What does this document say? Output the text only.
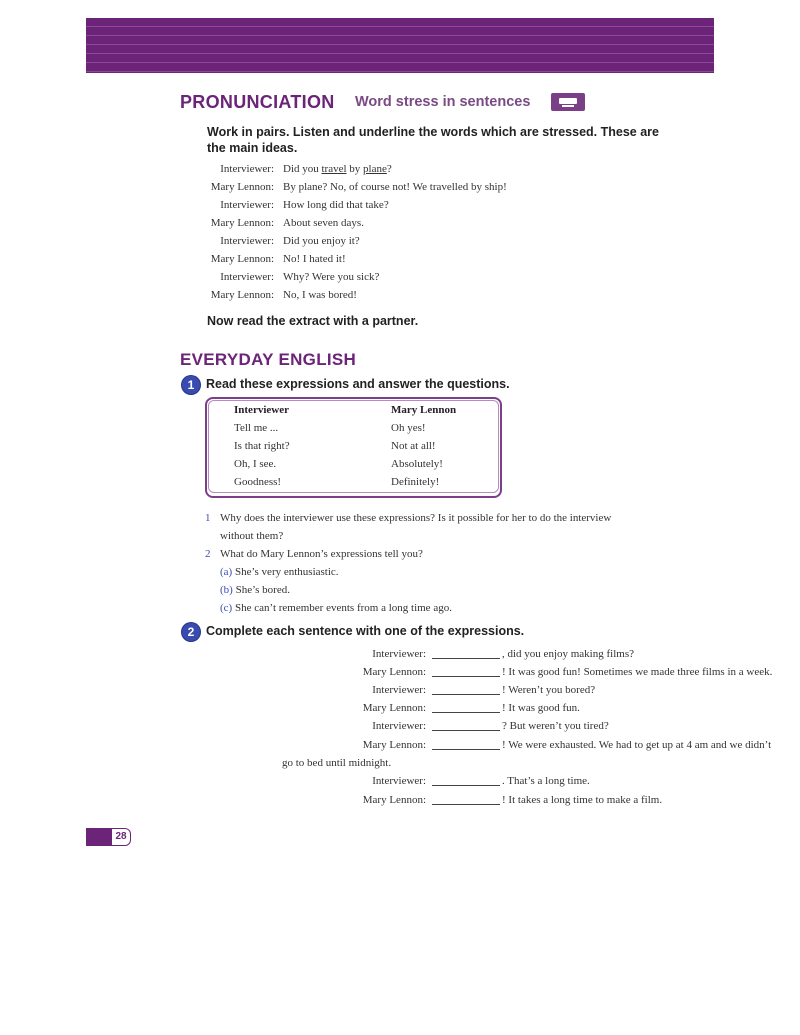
PRONUNCIATION Word stress in sentences
Work in pairs. Listen and underline the words which are stressed. These are the main ideas.
Interviewer: Did you travel by plane?
Mary Lennon: By plane? No, of course not! We travelled by ship!
Interviewer: How long did that take?
Mary Lennon: About seven days.
Interviewer: Did you enjoy it?
Mary Lennon: No! I hated it!
Interviewer: Why? Were you sick?
Mary Lennon: No, I was bored!
Now read the extract with a partner.
EVERYDAY ENGLISH
1 Read these expressions and answer the questions.
Interviewer	Mary Lennon
Tell me ...	Oh yes!
Is that right?	Not at all!
Oh, I see.	Absolutely!
Goodness!	Definitely!
1 Why does the interviewer use these expressions? Is it possible for her to do the interview
without them?
2 What do Mary Lennon’s expressions tell you?
(a) She’s very enthusiastic.
(b) She’s bored.
(c) She can’t remember events from a long time ago.
2 Complete each sentence with one of the expressions.
Interviewer:	, did you enjoy making films?
Mary Lennon:	! It was good fun! Sometimes we made three films in a week.
Interviewer:	! Weren’t you bored?
Mary Lennon:	! It was good fun.
Interviewer:	? But weren’t you tired?
Mary Lennon:	! We were exhausted. We had to get up at 4 am and we didn’t
go to bed until midnight.
Interviewer:	. That’s a long time.
Mary Lennon:	! It takes a long time to make a film.
28
